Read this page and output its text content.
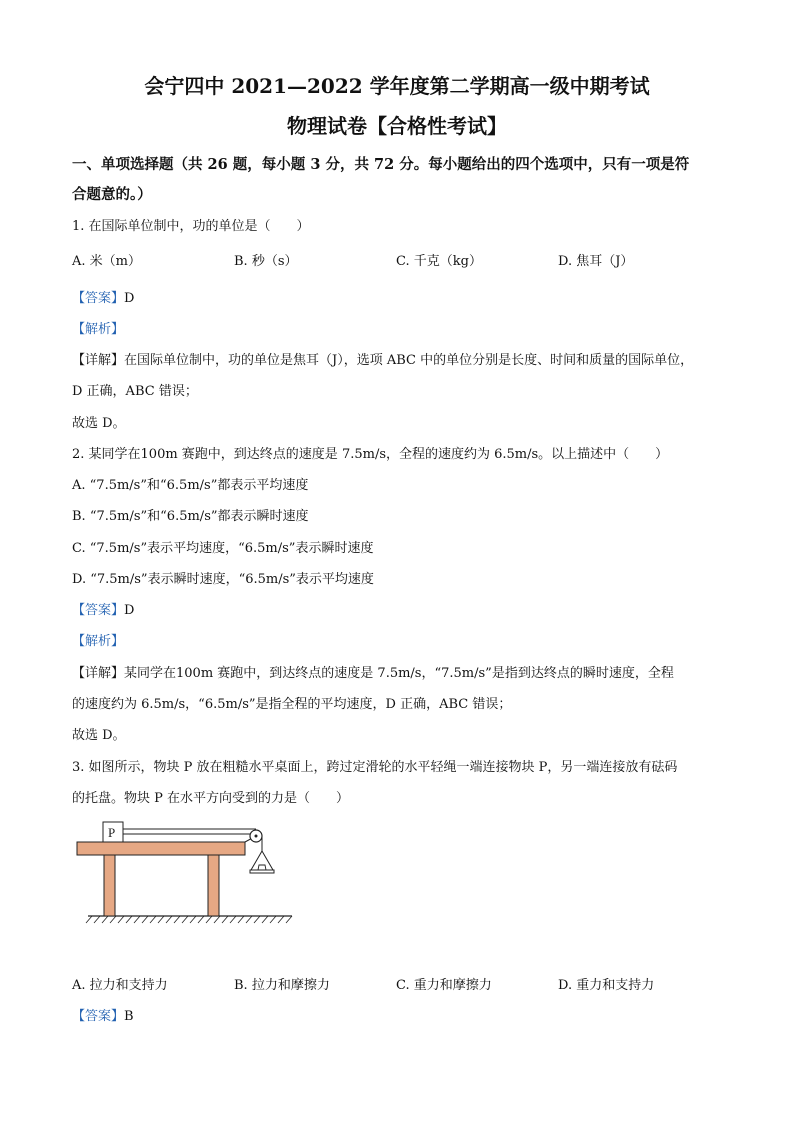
会宁四中 2021—2022 学年度第二学期高一级中期考试
物理试卷【合格性考试】
一、单项选择题（共 26 题，每小题 3 分，共 72 分。每小题给出的四个选项中，只有一项是符
合题意的。）
1. 在国际单位制中，功的单位是（　　）
A. 米（m）	B. 秒（s）	C. 千克（kg）	D. 焦耳（J）
【答案】D
【解析】
【详解】在国际单位制中，功的单位是焦耳（J），选项 ABC 中的单位分别是长度、时间和质量的国际单位，
D 正确，ABC 错误；
故选 D。
2. 某同学在100m 赛跑中，到达终点的速度是 7.5m/s，全程的速度约为 6.5m/s。以上描述中（　　）
A. “7.5m/s”和“6.5m/s”都表示平均速度
B. “7.5m/s”和“6.5m/s”都表示瞬时速度
C. “7.5m/s”表示平均速度，“6.5m/s”表示瞬时速度
D. “7.5m/s”表示瞬时速度，“6.5m/s”表示平均速度
【答案】D
【解析】
【详解】某同学在100m 赛跑中，到达终点的速度是 7.5m/s，“7.5m/s”是指到达终点的瞬时速度，全程
的速度约为 6.5m/s，“6.5m/s”是指全程的平均速度，D 正确，ABC 错误；
故选 D。
3. 如图所示，物块 P 放在粗糙水平桌面上，跨过定滑轮的水平轻绳一端连接物块 P，另一端连接放有砝码
的托盘。物块 P 在水平方向受到的力是（　　）
P
A. 拉力和支持力	B. 拉力和摩擦力	C. 重力和摩擦力	D. 重力和支持力
【答案】B
